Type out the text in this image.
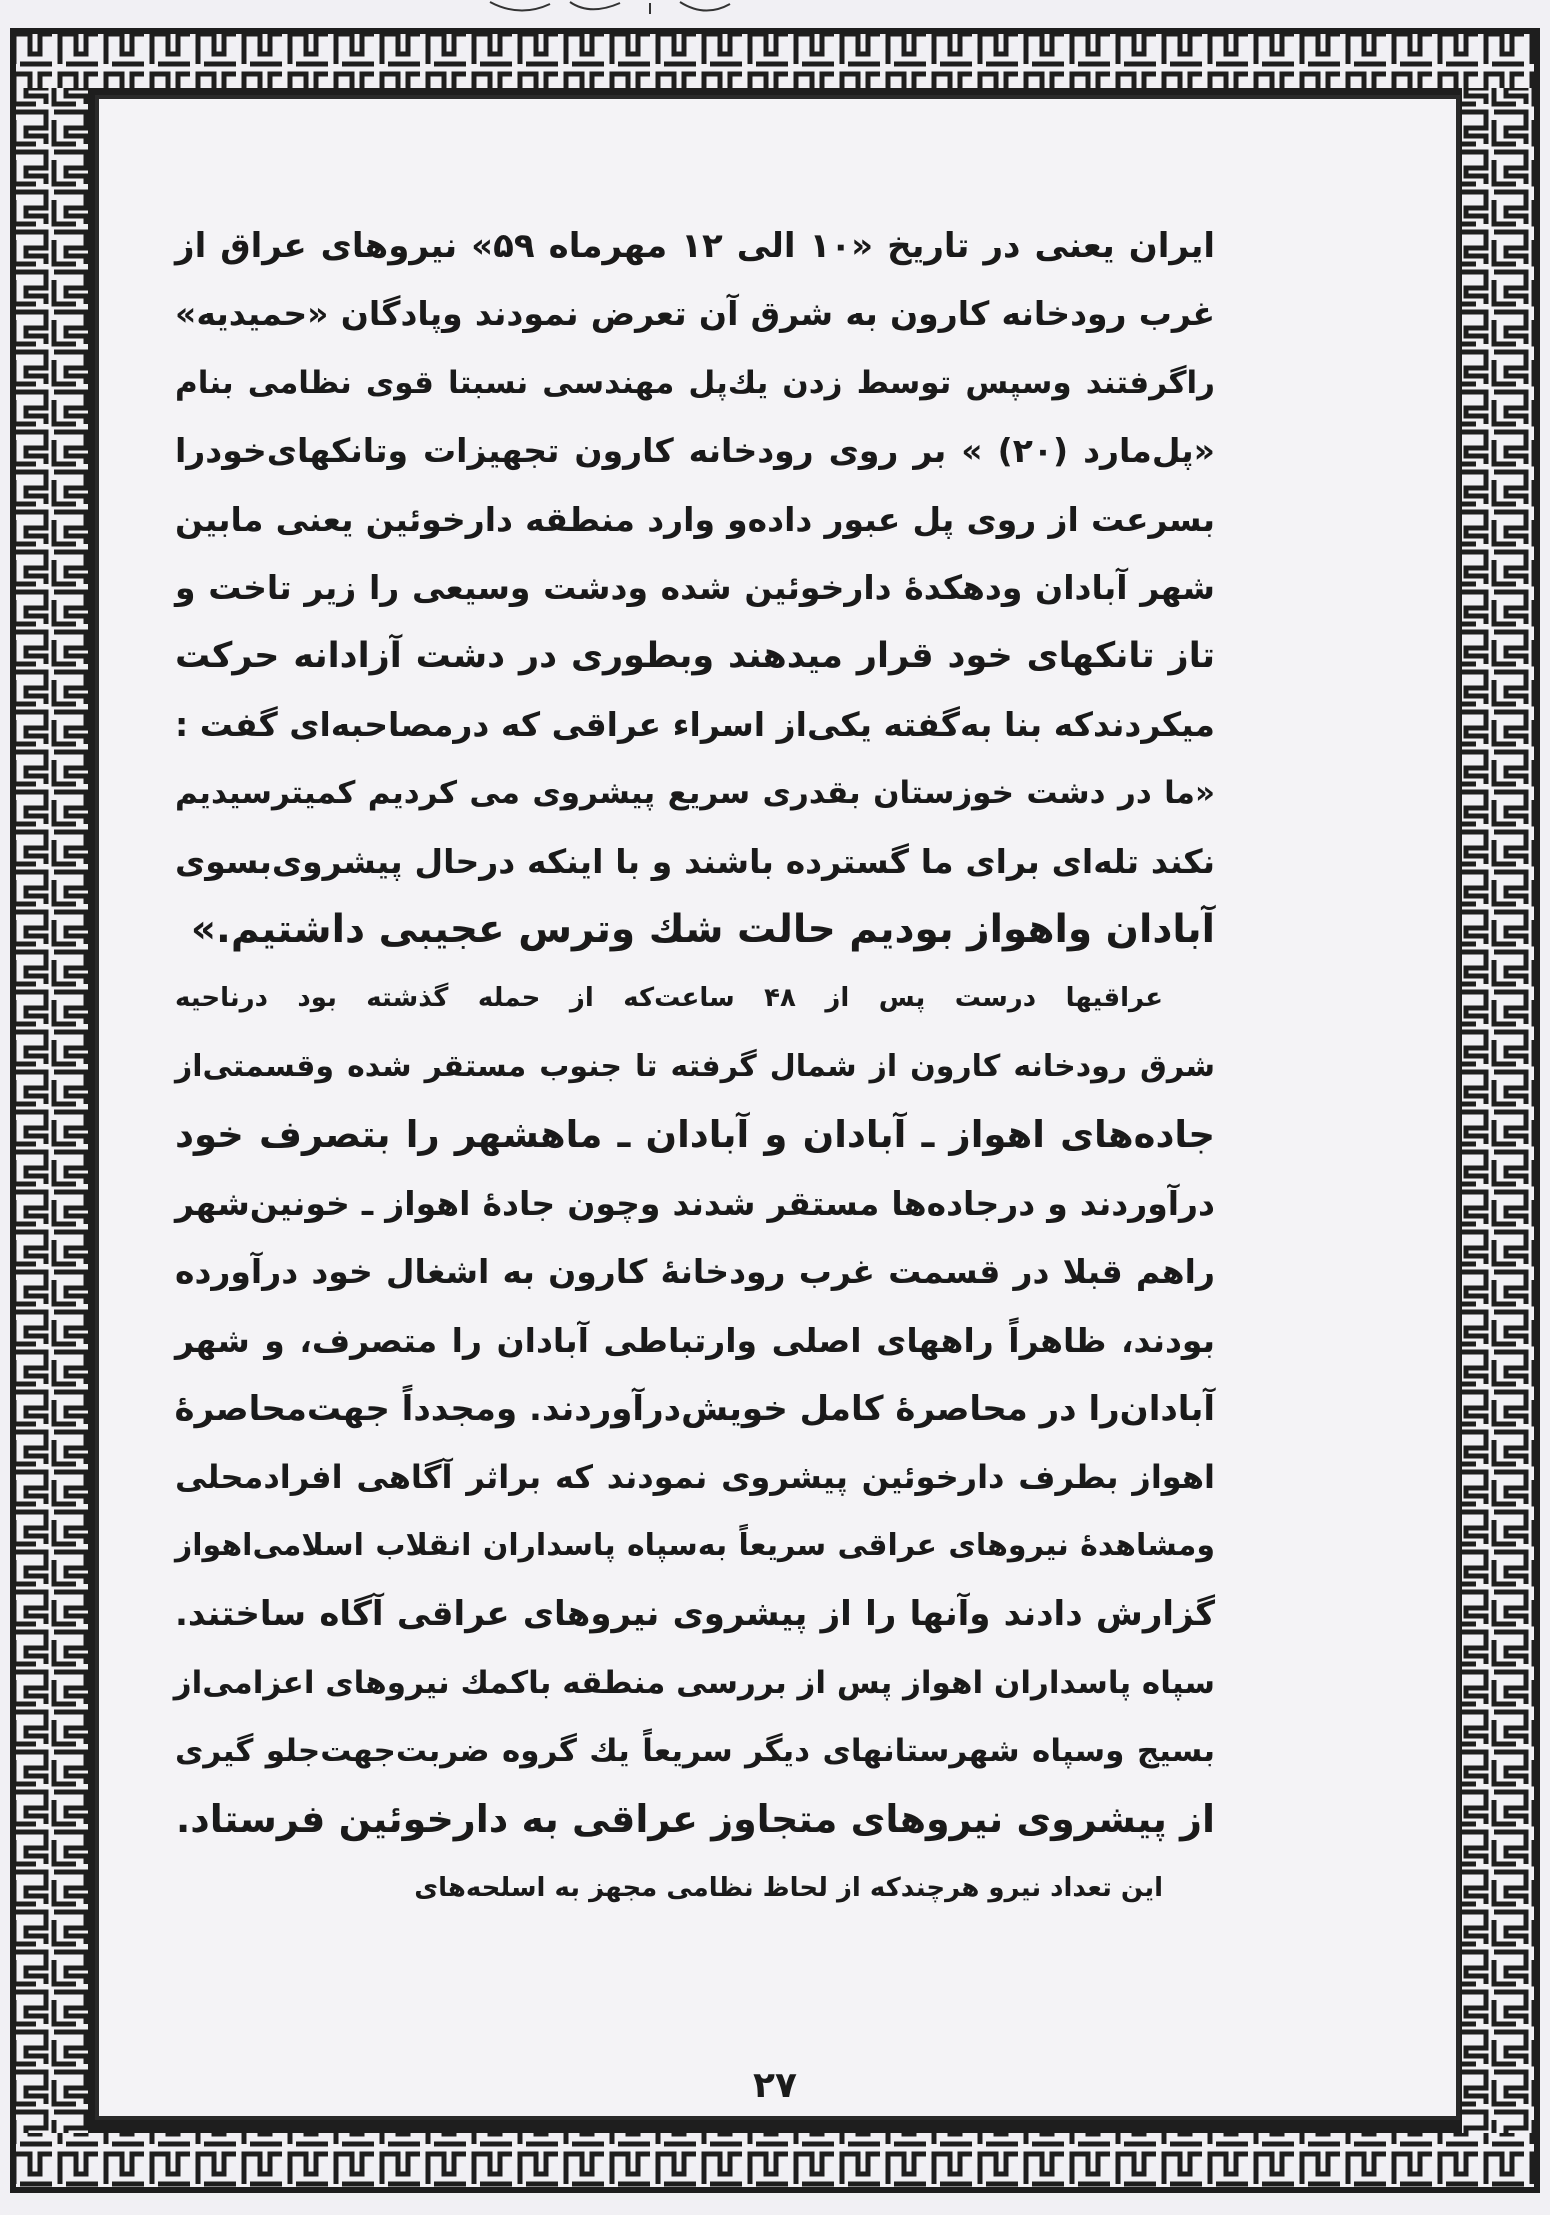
ایران یعنی در تاریخ «۱۰ الی ۱۲ مهرماه ۵۹» نیروهای عراق از
غرب رودخانه کارون به شرق آن تعرض نمودند وپادگان «حمیدیه»
راگرفتند وسپس توسط زدن یك‌پل مهندسی نسبتا قوی نظامی بنام
«پل‌مارد (۲۰) » بر روی رودخانه کارون تجهیزات وتانکهای‌خودرا
بسرعت از روی پل عبور داده‌و وارد منطقه دارخوئین یعنی مابین
شهر آبادان ودهکدۀ دارخوئین شده ودشت وسیعی را زیر تاخت و
تاز تانکهای خود قرار میدهند وبطوری در دشت آزادانه حرکت
میکردندکه بنا به‌گفته یکی‌از اسراء عراقی که درمصاحبه‌ای گفت :
«ما در دشت خوزستان بقدری سریع پیشروی می کردیم کمیترسیدیم
نکند تله‌ای برای ما گسترده باشند و با اینکه درحال پیشروی‌بسوی
آبادان واهواز بودیم حالت شك وترس عجیبی داشتیم.»

عراقیها درست پس از ۴۸ ساعت‌که از حمله گذشته بود درناحیه
شرق رودخانه کارون از شمال گرفته تا جنوب مستقر شده وقسمتی‌از
جاده‌های اهواز ـ آبادان و آبادان ـ ماهشهر را بتصرف خود
درآوردند و درجاده‌ها مستقر شدند وچون جادۀ اهواز ـ خونین‌شهر
راهم قبلا در قسمت غرب رودخانۀ کارون به اشغال خود درآورده
بودند، ظاهراً راههای اصلی وارتباطی آبادان را متصرف، و شهر
آبادان‌را در محاصرۀ کامل خویش‌درآوردند. ومجدداً جهت‌محاصرۀ
اهواز بطرف دارخوئین پیشروی نمودند که براثر آگاهی افرادمحلی
ومشاهدۀ نیروهای عراقی سریعاً به‌سپاه پاسداران انقلاب اسلامی‌اهواز
گزارش دادند وآنها را از پیشروی نیروهای عراقی آگاه ساختند.
سپاه پاسداران اهواز پس از بررسی منطقه باکمك نیروهای اعزامی‌از
بسیج وسپاه شهرستانهای دیگر سریعاً یك گروه ضربت‌جهت‌جلو گیری
از پیشروی نیروهای متجاوز عراقی به دارخوئین فرستاد.

این تعداد نیرو هرچندکه از لحاظ نظامی مجهز به اسلحه‌های

۲۷
